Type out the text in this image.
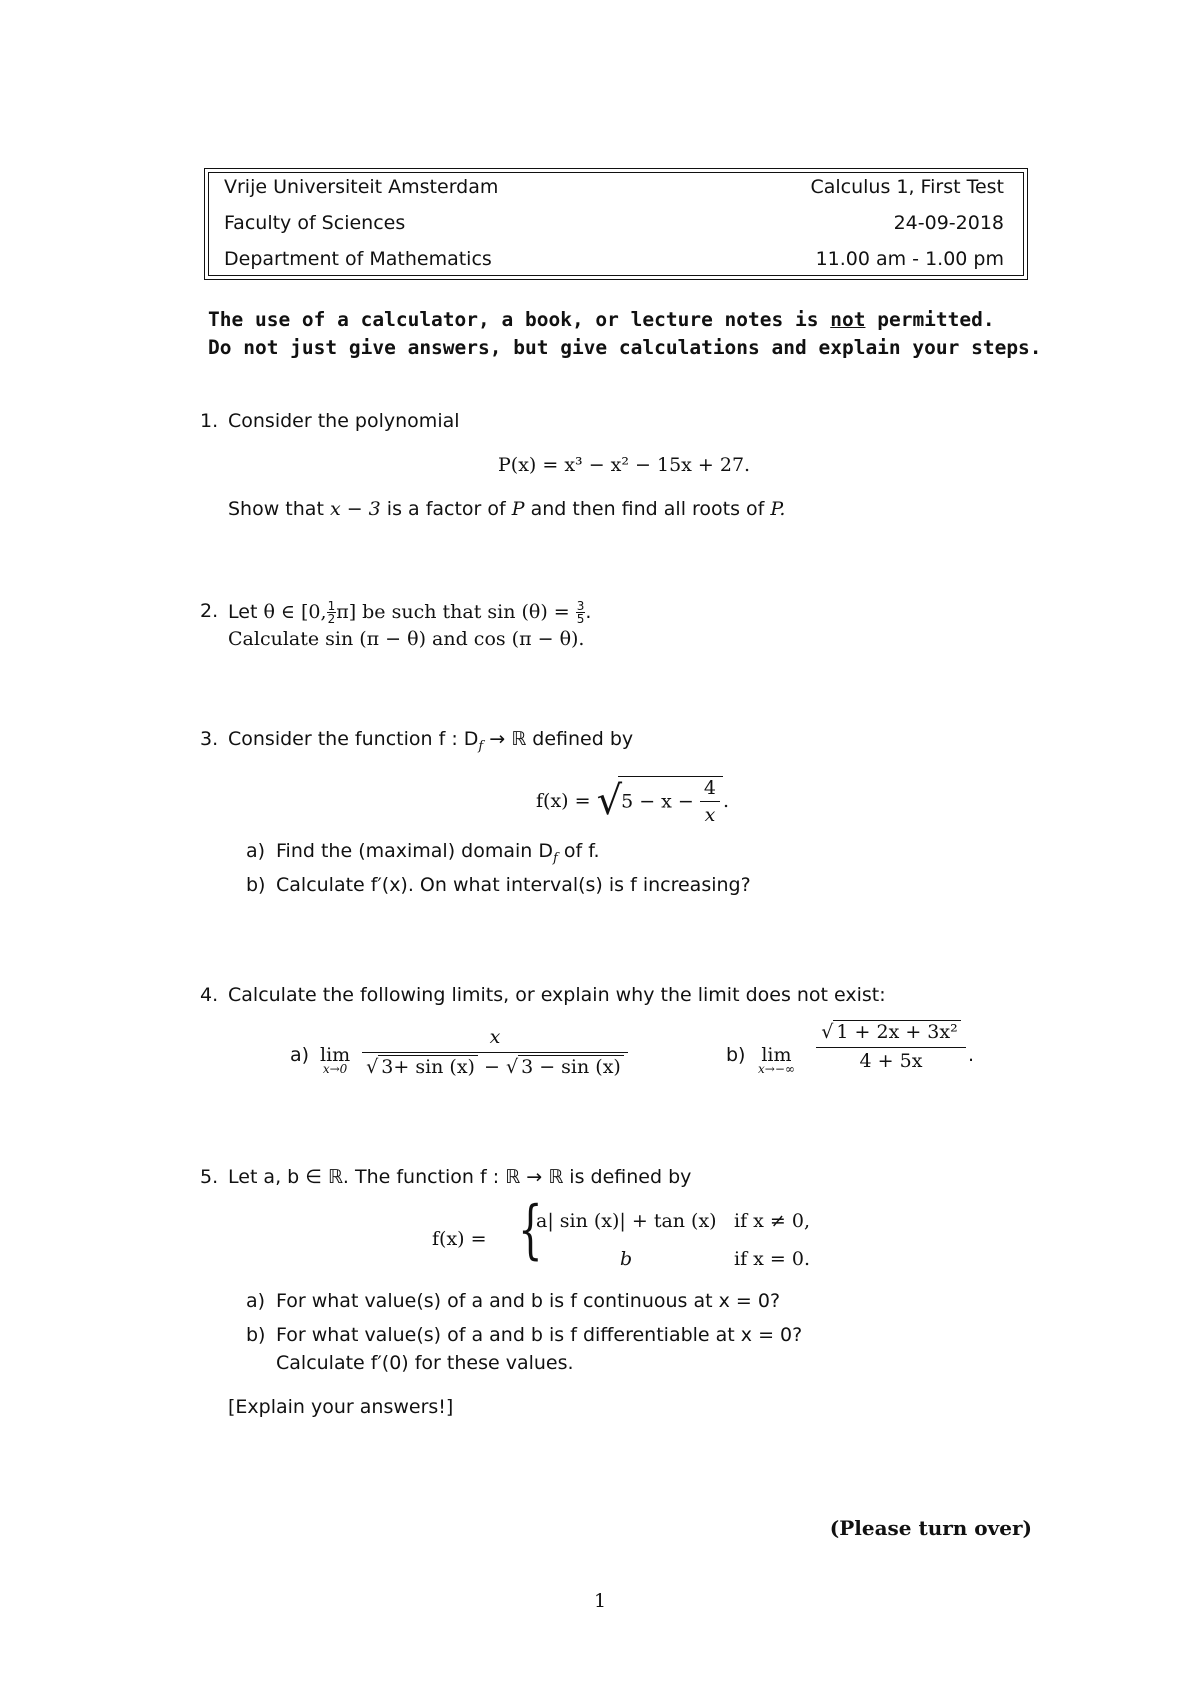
Vrije Universiteit Amsterdam
Faculty of Sciences
Department of Mathematics
Calculus 1, First Test
24-09-2018
11.00 am - 1.00 pm
The use of a calculator, a book, or lecture notes is not permitted.
Do not just give answers, but give calculations and explain your steps.
1. Consider the polynomial
P(x) = x³ − x² − 15x + 27.
Show that x − 3 is a factor of P and then find all roots of P.
2. Let θ ∈ [0, $\frac{1}{2} \pi$] be such that $\sin (\theta) = \frac{3}{5}$ .
Calculate sin (π − θ) and cos (π − θ).
3. Consider the function f : $D_f$ → ℝ defined by
$f(x) = √5 - x - \frac{4}{x}$ .
a) Find the (maximal) domain $D_f$ of f.
b) Calculate f′(x). On what interval(s) is f increasing?
4. Calculate the following limits, or explain why the limit does not exist:
a) lim
$x\to 0 \frac{x}{√ 3+ \sin (x) - √ 3 - \sin (x)}$	b) lim
$x\to-\infty \frac{\text{√ 1 + 2x + 3x²}}{4 + 5x}$ .
5. Let a, b ∈ ℝ. The function f : ℝ → ℝ is defined by
f(x) = {
a| sin (x)| + tan (x) if x ≠ 0,
b	if x = 0.
a) For what value(s) of a and b is f continuous at x = 0?
b) For what value(s) of a and b is f differentiable at x = 0?
Calculate f′(0) for these values.
[Explain your answers!]
(Please turn over)
1
